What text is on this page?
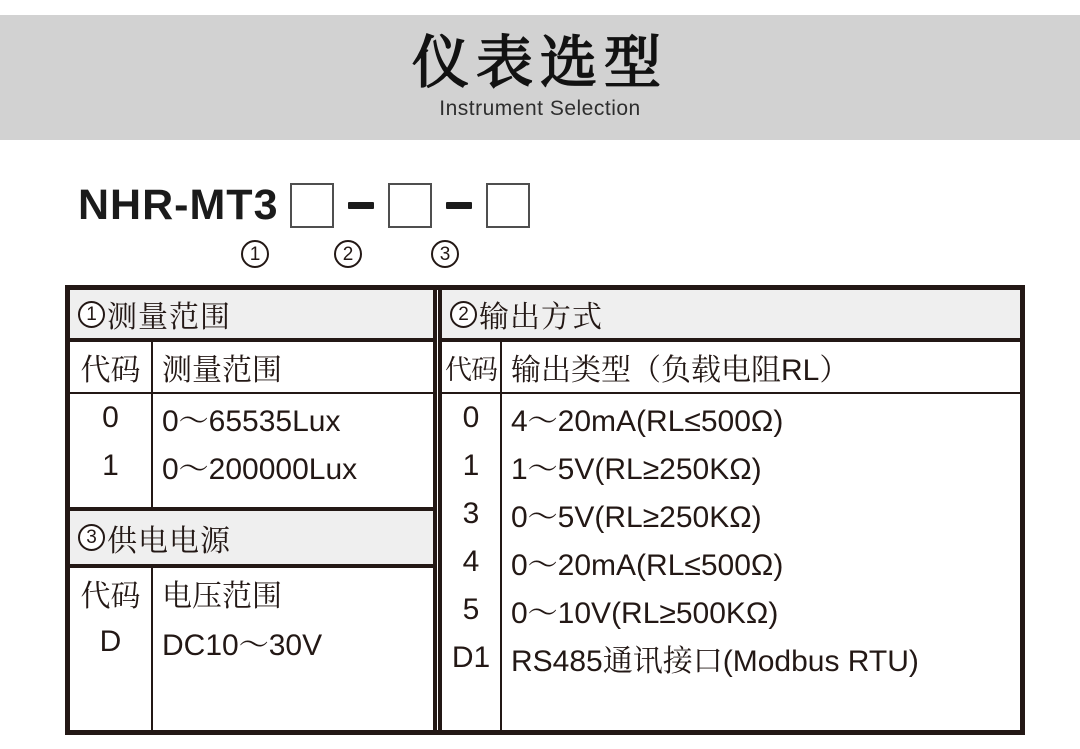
仪表选型
Instrument Selection
NHR-MT3
1	2	3
1 测量范围
代码 测量范围
0
1
0～65535Lux
0～200000Lux
3 供电电源
代码
D
电压范围
DC10～30V
2 输出方式
代码 输出类型（负载电阻RL）
0
1
3
4
5
D1
4～20mA(RL≤500Ω)
1～5V(RL≥250KΩ)
0～5V(RL≥250KΩ)
0～20mA(RL≤500Ω)
0～10V(RL≥500KΩ)
RS485通讯接口(Modbus RTU)
